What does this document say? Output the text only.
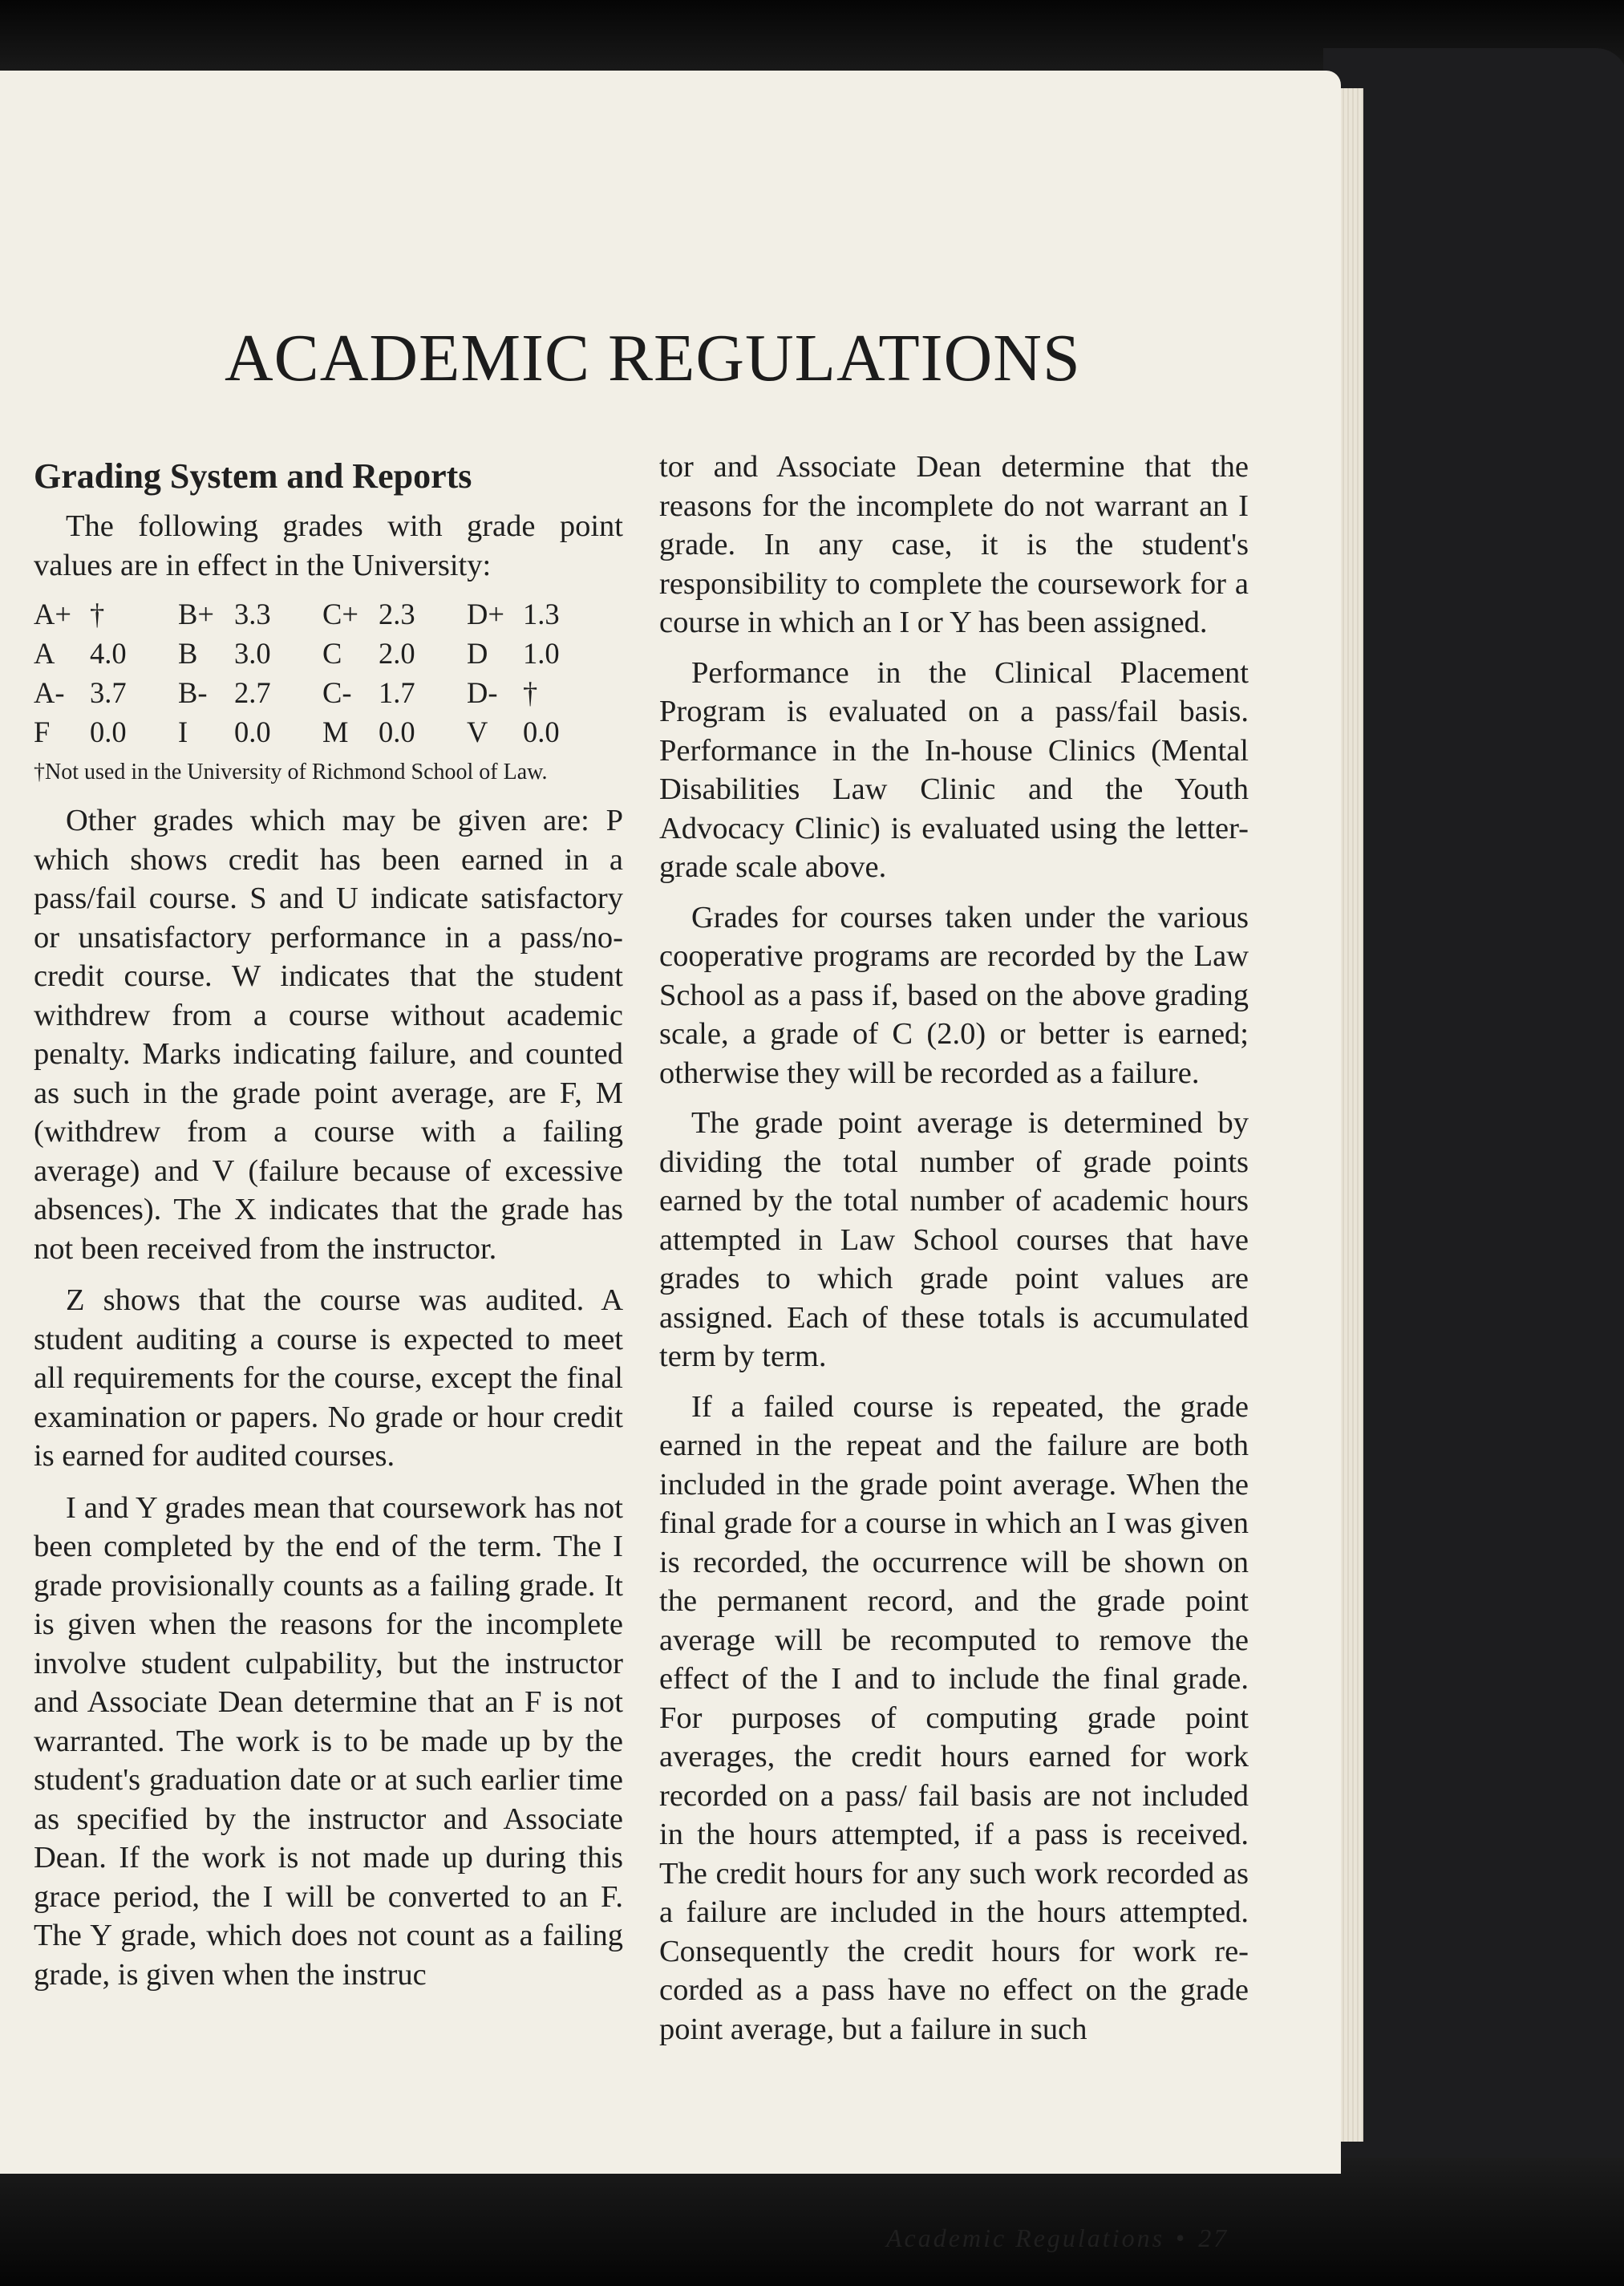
ACADEMIC REGULATIONS
Grading System and Reports

The following grades with grade point values are in effect in the University:

A+	†	B+	3.3	C+	2.3	D+	1.3
A	4.0	B	3.0	C	2.0	D	1.0
A-	3.7	B-	2.7	C-	1.7	D-	†
F	0.0	I	0.0	M	0.0	V	0.0

†Not used in the University of Richmond School of Law.

Other grades which may be given are: P which shows credit has been earned in a pass/fail course. S and U indicate satisfactory or unsatisfactory performance in a pass/no-credit course. W indicates that the student withdrew from a course without academic penalty. Marks indicating failure, and counted as such in the grade point average, are F, M (withdrew from a course with a failing average) and V (failure because of excessive absences). The X indicates that the grade has not been received from the instructor.

Z shows that the course was audited. A student auditing a course is expected to meet all requirements for the course, except the final examination or papers. No grade or hour credit is earned for audited courses.

I and Y grades mean that coursework has not been completed by the end of the term. The I grade provisionally counts as a failing grade. It is given when the reasons for the incomplete involve student culpability, but the instructor and Associate Dean determine that an F is not warranted. The work is to be made up by the student's graduation date or at such earlier time as specified by the instructor and Associate Dean. If the work is not made up during this grace period, the I will be converted to an F. The Y grade, which does not count as a failing grade, is given when the instruc

tor and Associate Dean determine that the reasons for the incomplete do not warrant an I grade. In any case, it is the student's responsibility to complete the coursework for a course in which an I or Y has been assigned.

Performance in the Clinical Placement Program is evaluated on a pass/fail basis. Performance in the In-house Clinics (Mental Disabilities Law Clinic and the Youth Advocacy Clinic) is evaluated using the letter-grade scale above.

Grades for courses taken under the various cooperative programs are recorded by the Law School as a pass if, based on the above grading scale, a grade of C (2.0) or better is earned; otherwise they will be recorded as a failure.

The grade point average is determined by dividing the total number of grade points earned by the total number of academic hours attempted in Law School courses that have grades to which grade point values are assigned. Each of these totals is accumulated term by term.

If a failed course is repeated, the grade earned in the repeat and the failure are both included in the grade point average. When the final grade for a course in which an I was given is recorded, the occurrence will be shown on the permanent record, and the grade point average will be recomputed to remove the effect of the I and to include the final grade. For purposes of computing grade point averages, the credit hours earned for work recorded on a pass/ fail basis are not included in the hours attempted, if a pass is received. The credit hours for any such work recorded as a failure are included in the hours attempted. Consequently the credit hours for work recorded as a pass have no effect on the grade point average, but a failure in such

Academic Regulations • 27
